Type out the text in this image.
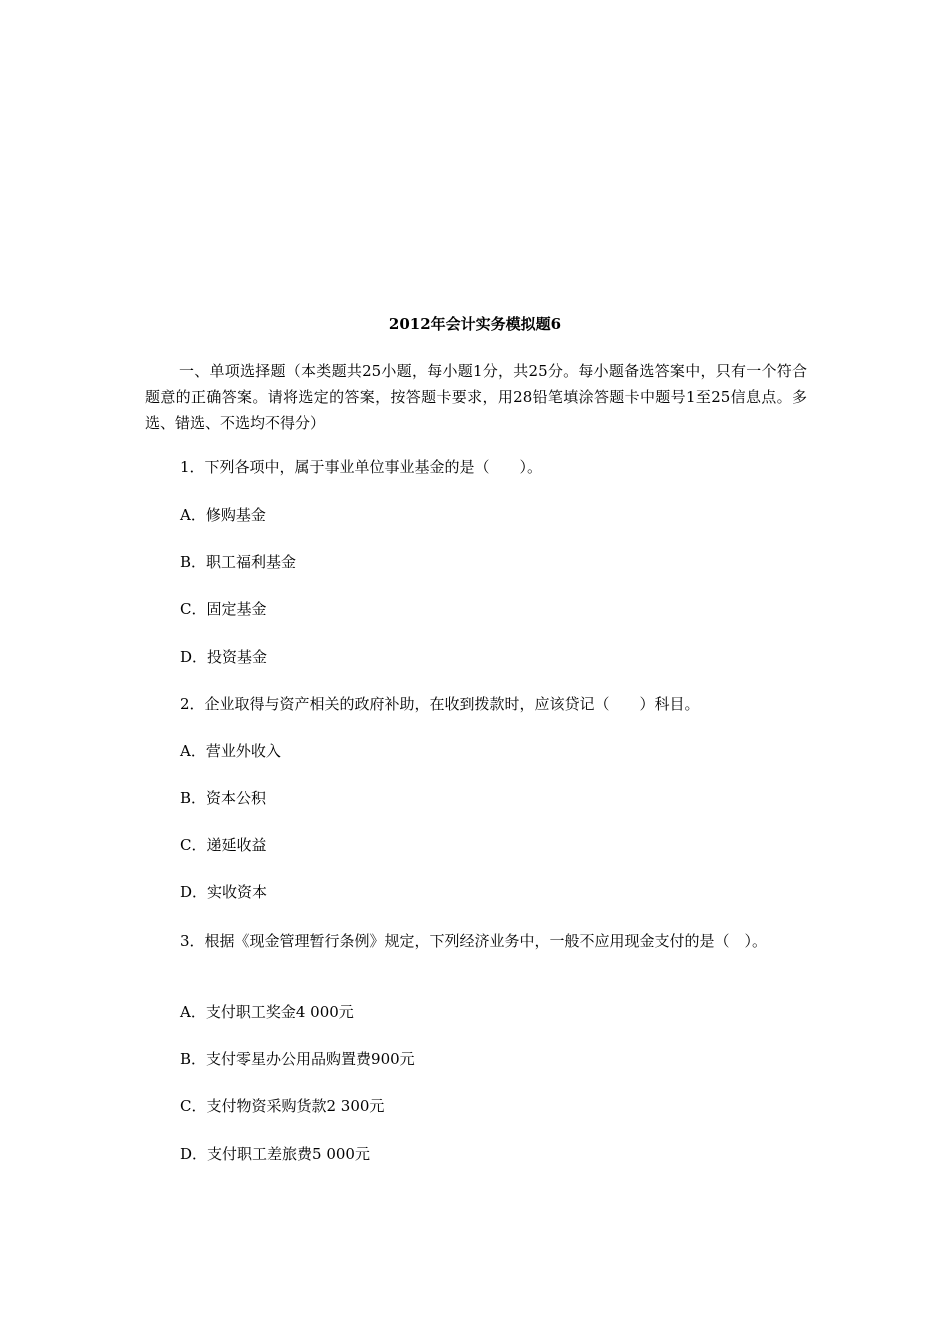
2012年会计实务模拟题6
一、单项选择题（本类题共25小题，每小题1分，共25分。每小题备选答案中，只有一个符合题意的正确答案。请将选定的答案，按答题卡要求，用28铅笔填涂答题卡中题号1至25信息点。多选、错选、不选均不得分）
1．下列各项中，属于事业单位事业基金的是（　　）。
A．修购基金
B．职工福利基金
C．固定基金
D．投资基金
2．企业取得与资产相关的政府补助，在收到拨款时，应该贷记（　　）科目。
A．营业外收入
B．资本公积
C．递延收益
D．实收资本
3．根据《现金管理暂行条例》规定，下列经济业务中，一般不应用现金支付的是（　）。
A．支付职工奖金4 000元
B．支付零星办公用品购置费900元
C．支付物资采购货款2 300元
D．支付职工差旅费5 000元
